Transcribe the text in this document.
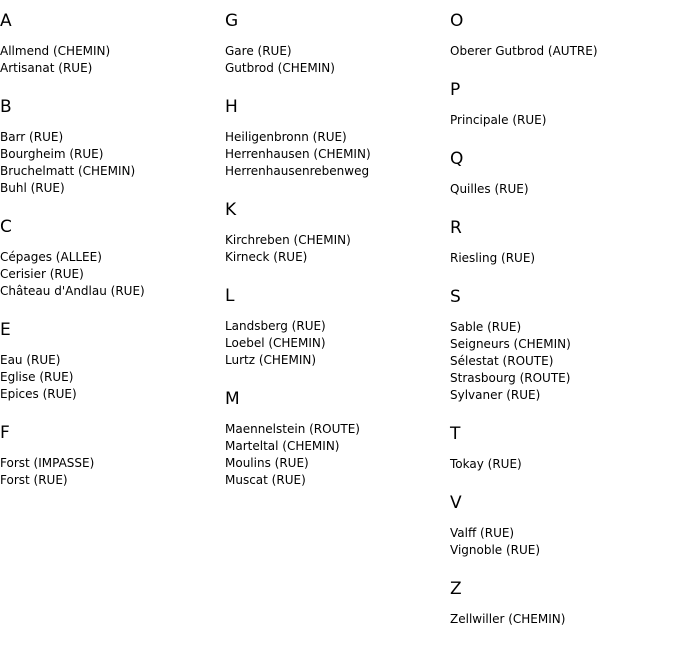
A
Allmend (CHEMIN)
Artisanat (RUE)
B
Barr (RUE)
Bourgheim (RUE)
Bruchelmatt (CHEMIN)
Buhl (RUE)
C
Cépages (ALLEE)
Cerisier (RUE)
Château d'Andlau (RUE)
E
Eau (RUE)
Eglise (RUE)
Epices (RUE)
F
Forst (IMPASSE)
Forst (RUE)
G
Gare (RUE)
Gutbrod (CHEMIN)
H
Heiligenbronn (RUE)
Herrenhausen (CHEMIN)
Herrenhausenrebenweg
K
Kirchreben (CHEMIN)
Kirneck (RUE)
L
Landsberg (RUE)
Loebel (CHEMIN)
Lurtz (CHEMIN)
M
Maennelstein (ROUTE)
Marteltal (CHEMIN)
Moulins (RUE)
Muscat (RUE)
O
Oberer Gutbrod (AUTRE)
P
Principale (RUE)
Q
Quilles (RUE)
R
Riesling (RUE)
S
Sable (RUE)
Seigneurs (CHEMIN)
Sélestat (ROUTE)
Strasbourg (ROUTE)
Sylvaner (RUE)
T
Tokay (RUE)
V
Valff (RUE)
Vignoble (RUE)
Z
Zellwiller (CHEMIN)
